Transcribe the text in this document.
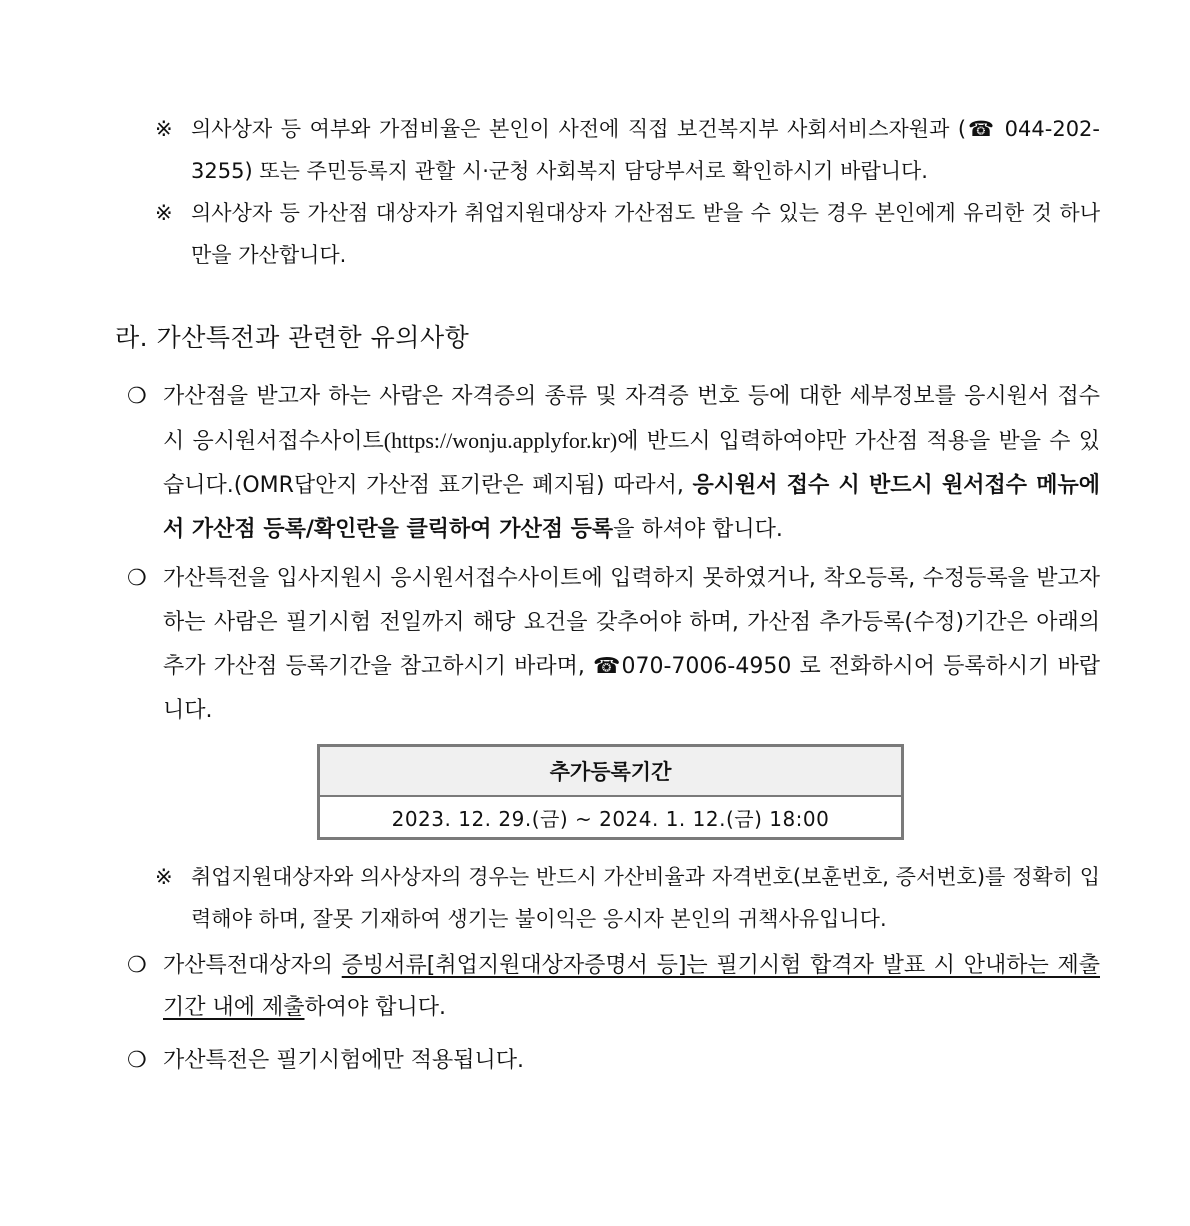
※ 의사상자 등 여부와 가점비율은 본인이 사전에 직접 보건복지부 사회서비스자원과 (☎ 044-202-3255) 또는 주민등록지 관할 시·군청 사회복지 담당부서로 확인하시기 바랍니다.
※ 의사상자 등 가산점 대상자가 취업지원대상자 가산점도 받을 수 있는 경우 본인에게 유리한 것 하나만을 가산합니다.
라. 가산특전과 관련한 유의사항
❍ 가산점을 받고자 하는 사람은 자격증의 종류 및 자격증 번호 등에 대한 세부정보를 응시원서 접수시 응시원서접수사이트(https://wonju.applyfor.kr)에 반드시 입력하여야만 가산점 적용을 받을 수 있습니다.(OMR답안지 가산점 표기란은 폐지됨) 따라서, 응시원서 접수 시 반드시 원서접수 메뉴에서 가산점 등록/확인란을 클릭하여 가산점 등록을 하셔야 합니다.
❍ 가산특전을 입사지원시 응시원서접수사이트에 입력하지 못하였거나, 착오등록, 수정등록을 받고자 하는 사람은 필기시험 전일까지 해당 요건을 갖추어야 하며, 가산점 추가등록(수정)기간은 아래의 추가 가산점 등록기간을 참고하시기 바라며, ☎070-7006-4950 로 전화하시어 등록하시기 바랍니다.
추가등록기간
2023. 12. 29.(금) ~ 2024. 1. 12.(금) 18:00
※ 취업지원대상자와 의사상자의 경우는 반드시 가산비율과 자격번호(보훈번호, 증서번호)를 정확히 입력해야 하며, 잘못 기재하여 생기는 불이익은 응시자 본인의 귀책사유입니다.
❍ 가산특전대상자의 증빙서류[취업지원대상자증명서 등]는 필기시험 합격자 발표 시 안내하는 제출기간 내에 제출하여야 합니다.
❍ 가산특전은 필기시험에만 적용됩니다.
